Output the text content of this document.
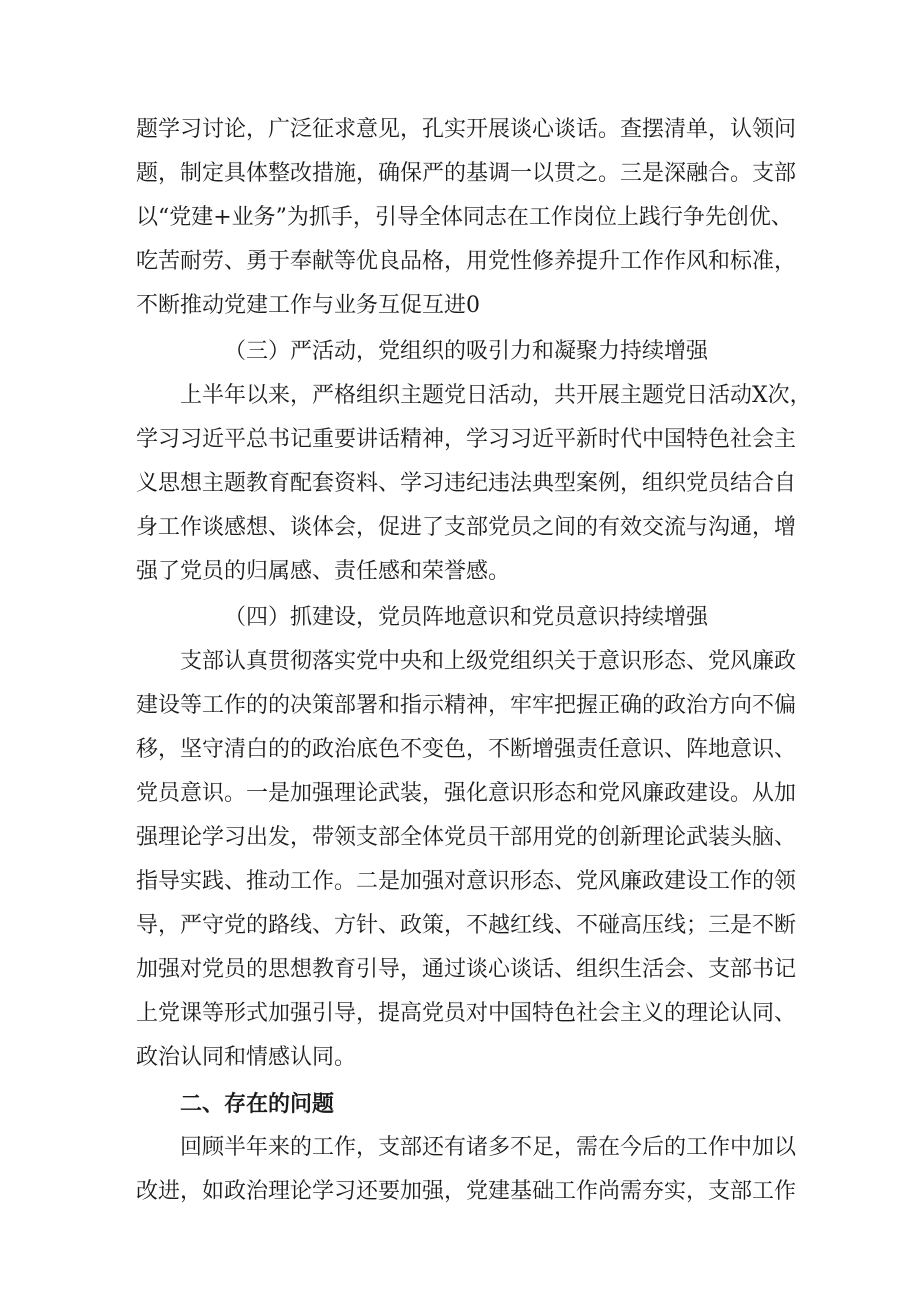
题学习讨论，广泛征求意见，孔实开展谈心谈话。查摆清单，认领问
题，制定具体整改措施，确保严的基调一以贯之。三是深融合。支部
以“党建+业务”为抓手，引导全体同志在工作岗位上践行争先创优、
吃苦耐劳、勇于奉献等优良品格，用党性修养提升工作作风和标准，
不断推动党建工作与业务互促互进0
（三）严活动，党组织的吸引力和凝聚力持续增强
上半年以来，严格组织主题党日活动，共开展主题党日活动X次，
学习习近平总书记重要讲话精神，学习习近平新时代中国特色社会主
义思想主题教育配套资料、学习违纪违法典型案例，组织党员结合自
身工作谈感想、谈体会，促进了支部党员之间的有效交流与沟通，增
强了党员的归属感、责任感和荣誉感。
（四）抓建设，党员阵地意识和党员意识持续增强
支部认真贯彻落实党中央和上级党组织关于意识形态、党风廉政
建设等工作的的决策部署和指示精神，牢牢把握正确的政治方向不偏
移，坚守清白的的政治底色不变色，不断增强责任意识、阵地意识、
党员意识。一是加强理论武装，强化意识形态和党风廉政建设。从加
强理论学习出发，带领支部全体党员干部用党的创新理论武装头脑、
指导实践、推动工作。二是加强对意识形态、党风廉政建设工作的领
导，严守党的路线、方针、政策，不越红线、不碰高压线；三是不断
加强对党员的思想教育引导，通过谈心谈话、组织生活会、支部书记
上党课等形式加强引导，提高党员对中国特色社会主义的理论认同、
政治认同和情感认同。
二、存在的问题
回顾半年来的工作，支部还有诸多不足，需在今后的工作中加以
改进，如政治理论学习还要加强，党建基础工作尚需夯实，支部工作
